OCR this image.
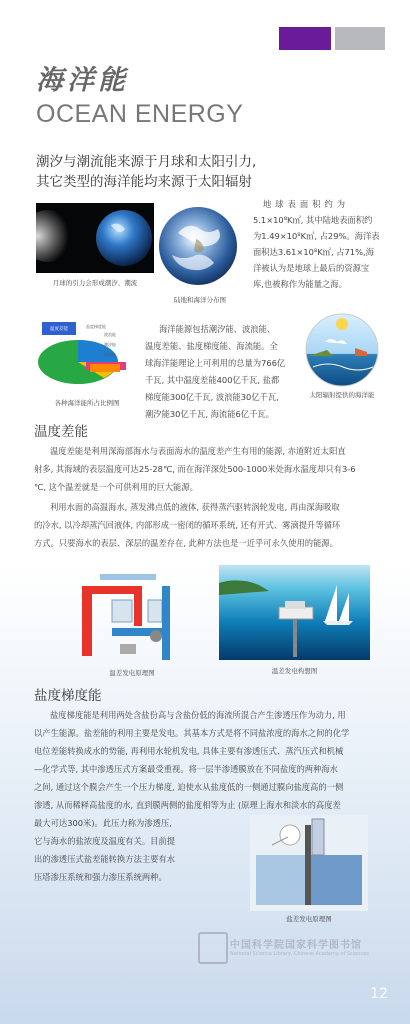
海洋能
OCEAN ENERGY
潮汐与潮流能来源于月球和太阳引力,
其它类型的海洋能均来源于太阳辐射
月球的引力会形成潮汐、潮流
陆地和海洋分布图
地球表面积约为
5.1×10⁸K㎡, 其中陆地表面积约
为1.49×10⁸K㎡, 占29%。海洋表
面积达3.61×10⁸K㎡, 占71%,海
洋被认为是地球上最后的资源宝
库,也被称作为能量之海。
温度差能
盐度梯度能
波浪能
潮汐能
海流能
各种海洋能所占比例图
海洋能源包括潮汐能、波浪能、
温度差能、盐度梯度能、海流能。全
球海洋能理论上可利用的总量为766亿
千瓦, 其中温度差能400亿千瓦, 盐都
梯度能300亿千瓦, 波浪能30亿千瓦,
潮汐能30亿千瓦, 海流能6亿千瓦。
太阳辐射提供的海洋能
温度差能
温度差能是利用深海部海水与表面海水的温度差产生有用的能源, 赤道附近太阳直
射多, 其海域的表层温度可达25-28℃, 而在海洋深处500-1000米处海水温度却只有3-6
℃, 这个温差就是一个可供利用的巨大能源。
利用水面的高温海水, 蒸发沸点低的液体, 获得蒸汽驱转涡轮发电, 再由深海吸取
的冷水, 以冷却蒸汽回液体, 内部形成一密闭的循环系统, 还有开式、雾滴提升等循环
方式。只要海水的表层、深层的温差存在, 此种方法也是一近乎可永久使用的能源。
温差发电原理图	温差发电构想图
盐度梯度能
盐度梯度能是利用两处含盐份高与含盐份低的海流所混合产生渗透压作为动力, 用
以产生能源。盐差能的利用主要是发电。其基本方式是将不同盐浓度的海水之间的化学
电位差能转换成水的势能, 再利用水轮机发电, 具体主要有渗透压式、蒸汽压式和机械
—化学式等, 其中渗透压式方案最受重视。将一层半渗透膜放在不同盐度的两种海水
之间, 通过这个膜会产生一个压力梯度, 迫使水从盐度低的一侧通过膜向盐度高的一侧
渗透, 从而稀释高盐度的水, 直到膜两侧的盐度相等为止 (原理上海水和淡水的高度差
最大可达300米)。此压力称为渗透压,
它与海水的盐浓度及温度有关。目前提
出的渗透压式盐差能转换方法主要有水
压塔渗压系统和强力渗压系统两种。
盐差发电原理图
中国科学院国家科学图书馆
National Science Library, Chinese Academy of Sciences
12
